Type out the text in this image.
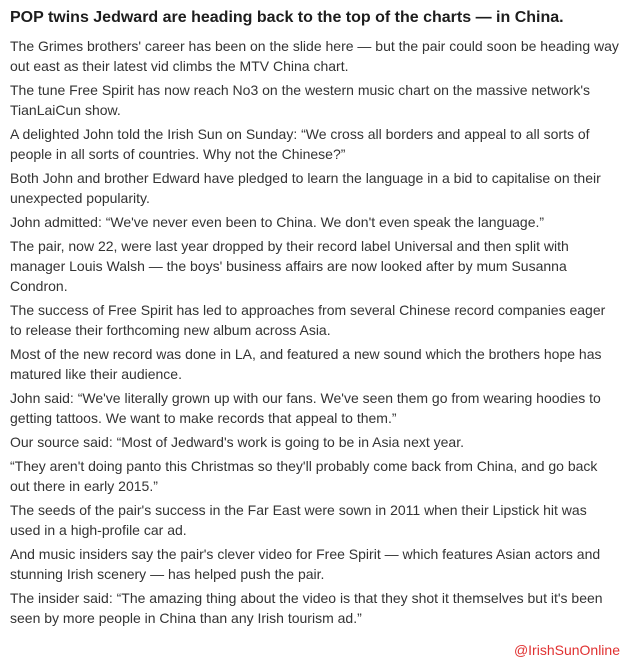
POP twins Jedward are heading back to the top of the charts — in China.

The Grimes brothers' career has been on the slide here — but the pair could soon be heading way out east as their latest vid climbs the MTV China chart.

The tune Free Spirit has now reach No3 on the western music chart on the massive network's TianLaiCun show.

A delighted John told the Irish Sun on Sunday: “We cross all borders and appeal to all sorts of people in all sorts of countries. Why not the Chinese?”

Both John and brother Edward have pledged to learn the language in a bid to capitalise on their unexpected popularity.

John admitted: “We've never even been to China. We don't even speak the language.”

The pair, now 22, were last year dropped by their record label Universal and then split with manager Louis Walsh — the boys' business affairs are now looked after by mum Susanna Condron.

The success of Free Spirit has led to approaches from several Chinese record companies eager to release their forthcoming new album across Asia.

Most of the new record was done in LA, and featured a new sound which the brothers hope has matured like their audience.

John said: “We've literally grown up with our fans. We've seen them go from wearing hoodies to getting tattoos. We want to make records that appeal to them.”

Our source said: “Most of Jedward's work is going to be in Asia next year.

“They aren't doing panto this Christmas so they'll probably come back from China, and go back out there in early 2015.”

The seeds of the pair's success in the Far East were sown in 2011 when their Lipstick hit was used in a high-profile car ad.

And music insiders say the pair's clever video for Free Spirit — which features Asian actors and stunning Irish scenery — has helped push the pair.

The insider said: “The amazing thing about the video is that they shot it themselves but it's been seen by more people in China than any Irish tourism ad.”

@IrishSunOnline
